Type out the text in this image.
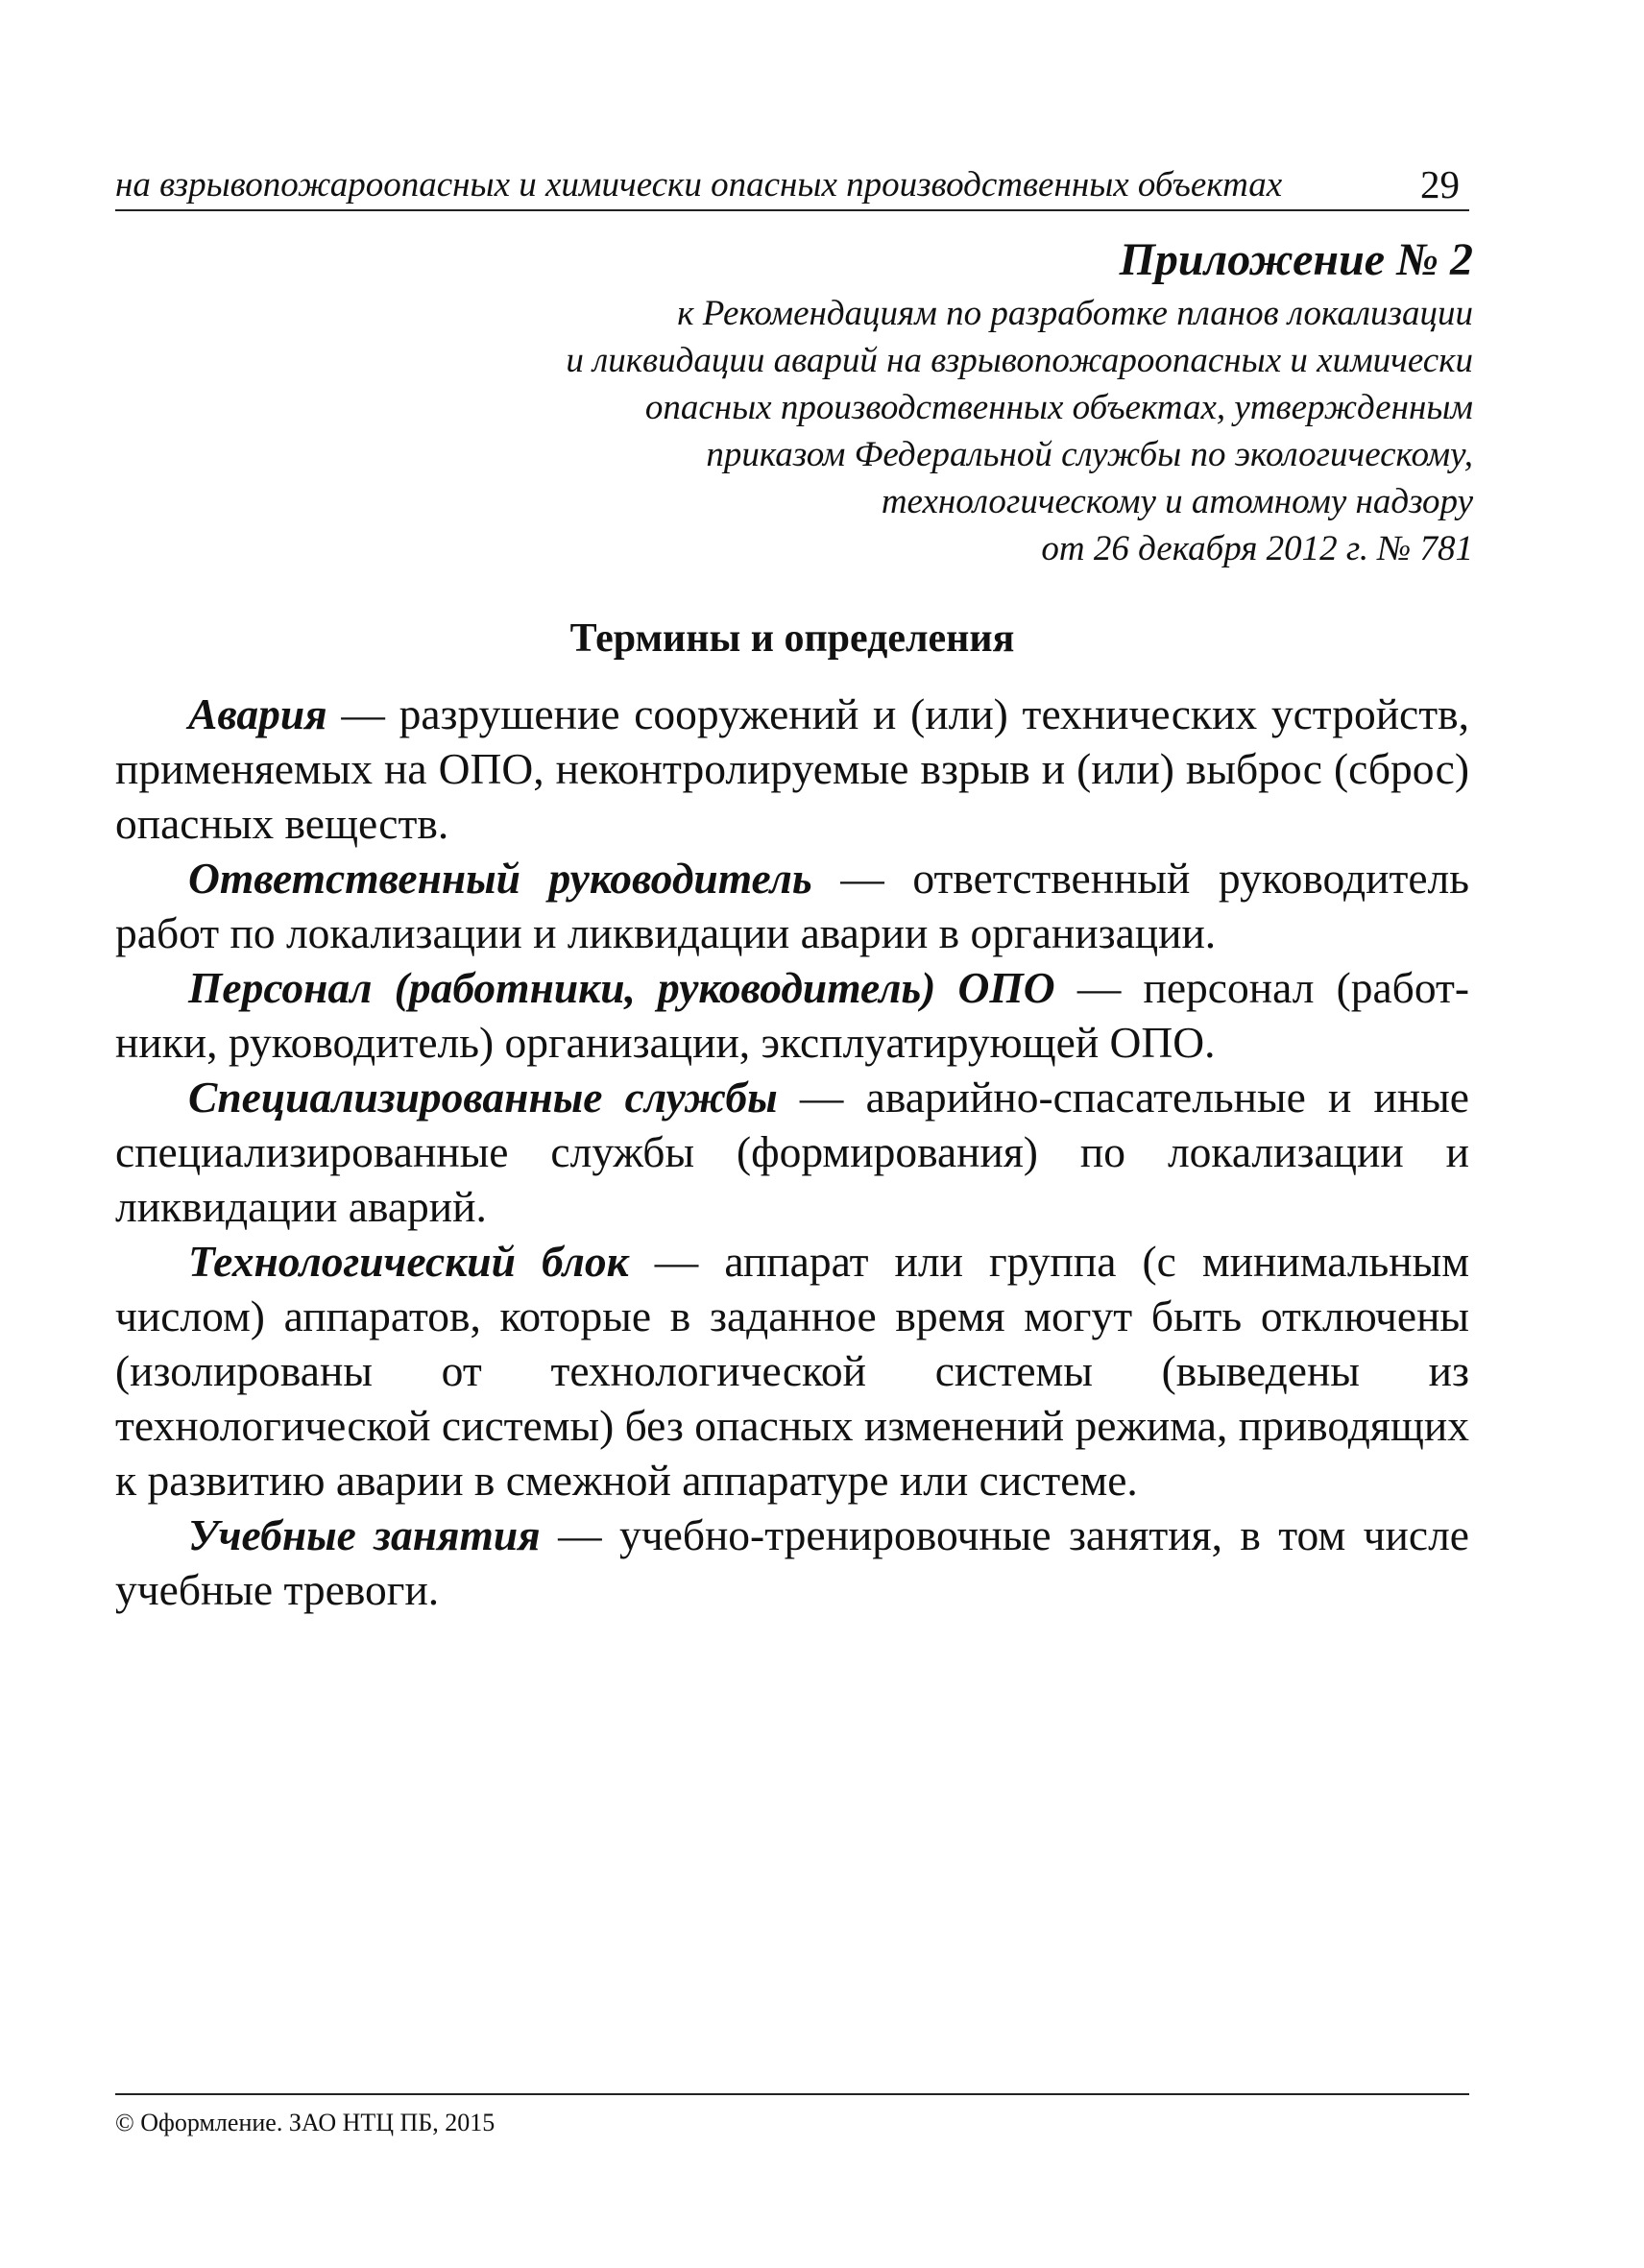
на взрывопожароопасных и химически опасных производственных объектах	29
Приложение № 2
к Рекомендациям по разработке планов локализации
и ликвидации аварий на взрывопожароопасных и химически
опасных производственных объектах, утвержденным
приказом Федеральной службы по экологическому,
технологическому и атомному надзору
от 26 декабря 2012 г. № 781
Термины и определения

Авария — разрушение сооружений и (или) технических устройств, применяемых на ОПО, неконтролируемые взрыв и (или) выброс (сброс) опасных веществ.

Ответственный руководитель — ответственный руководитель работ по локализации и ликвидации аварии в организации.

Персонал (работники, руководитель) ОПО — персонал (работники, руководитель) организации, эксплуатирующей ОПО.

Специализированные службы — аварийно-спасательные и иные специализированные службы (формирования) по локализации и ликвидации аварий.

Технологический блок — аппарат или группа (с минимальным числом) аппаратов, которые в заданное время могут быть отключены (изолированы от технологической системы (выведены из технологической системы) без опасных изменений режима, приводящих к развитию аварии в смежной аппаратуре или системе.

Учебные занятия — учебно-тренировочные занятия, в том числе учебные тревоги.

© Оформление. ЗАО НТЦ ПБ, 2015
